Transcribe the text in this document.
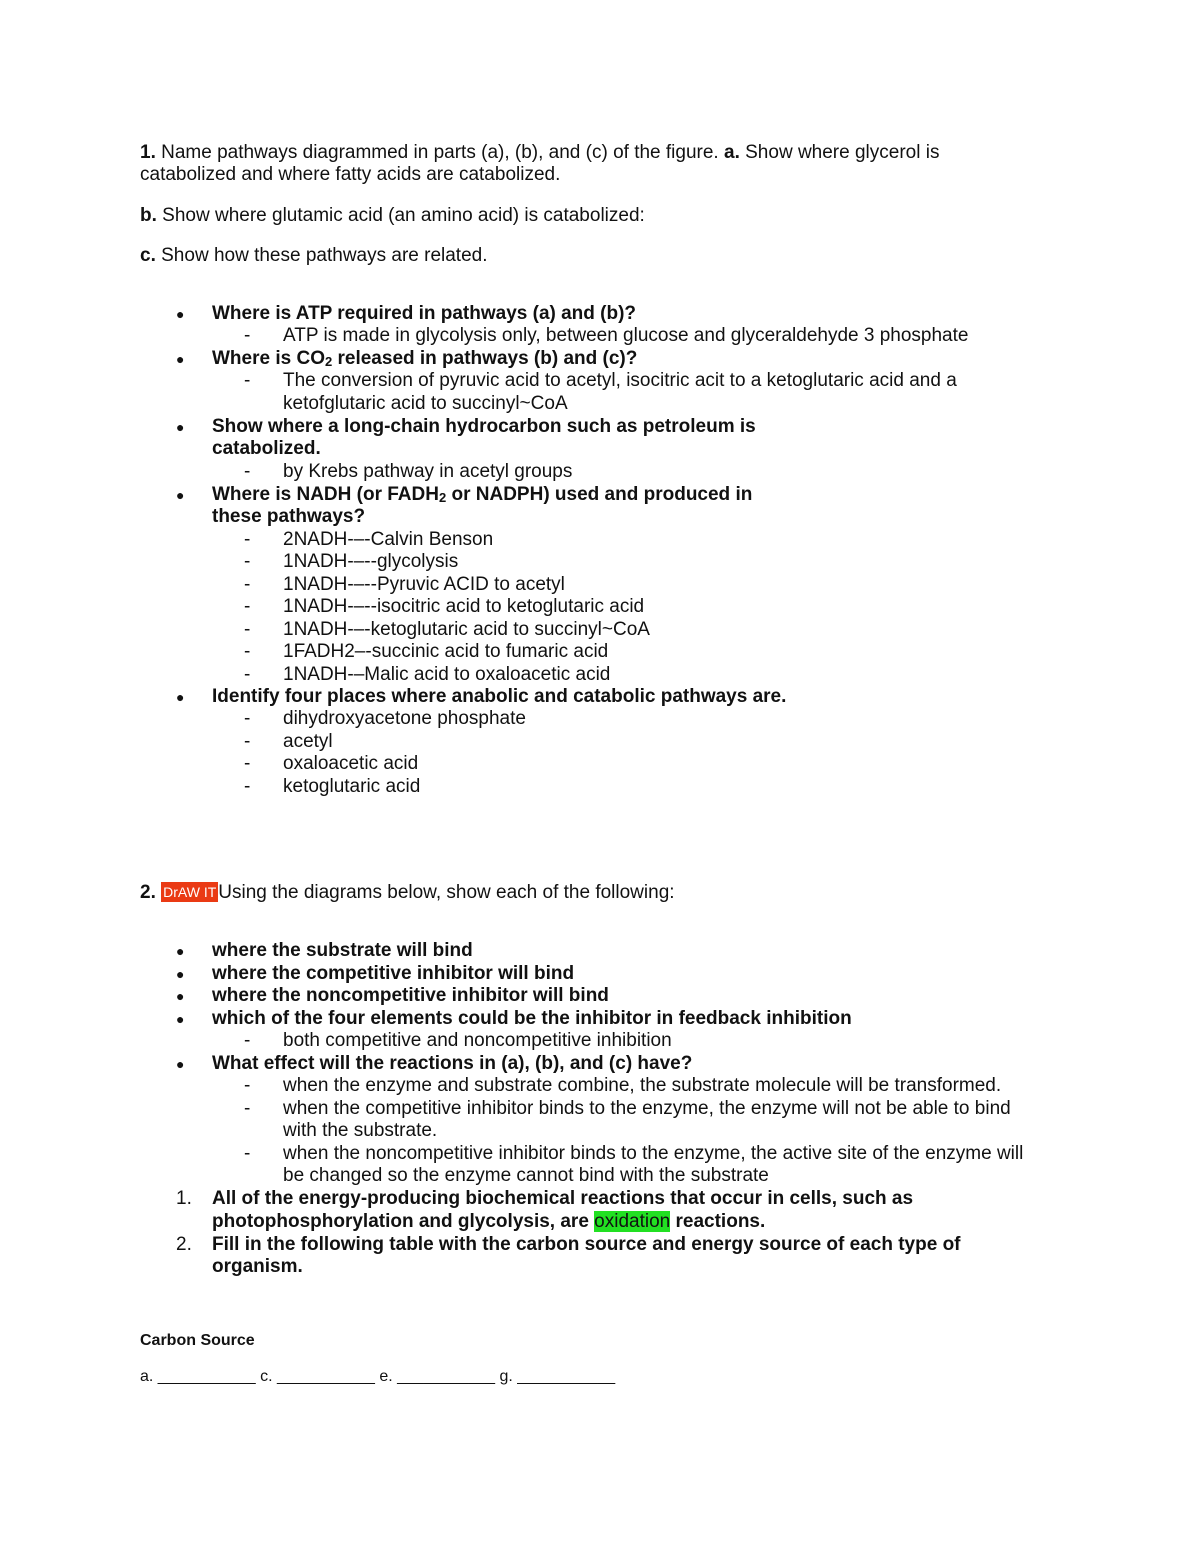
1. Name pathways diagrammed in parts (a), (b), and (c) of the figure. a. Show where glycerol is
catabolized and where fatty acids are catabolized.
b. Show where glutamic acid (an amino acid) is catabolized:
c. Show how these pathways are related.
● Where is ATP required in pathways (a) and (b)?
- ATP is made in glycolysis only, between glucose and glyceraldehyde 3 phosphate
● Where is CO2 released in pathways (b) and (c)?
- The conversion of pyruvic acid to acetyl, isocitric acit to a ketoglutaric acid and a
ketofglutaric acid to succinyl~CoA
● Show where a long-chain hydrocarbon such as petroleum is
catabolized.
- by Krebs pathway in acetyl groups
● Where is NADH (or FADH2 or NADPH) used and produced in
these pathways?
- 2NADH-–-Calvin Benson
- 1NADH-–--glycolysis
- 1NADH-–--Pyruvic ACID to acetyl
- 1NADH-–--isocitric acid to ketoglutaric acid
- 1NADH-–-ketoglutaric acid to succinyl~CoA
- 1FADH2–-succinic acid to fumaric acid
- 1NADH-–Malic acid to oxaloacetic acid
● Identify four places where anabolic and catabolic pathways are.
- dihydroxyacetone phosphate
- acetyl
- oxaloacetic acid
- ketoglutaric acid
2. DrAW IT Using the diagrams below, show each of the following:
● where the substrate will bind
● where the competitive inhibitor will bind
● where the noncompetitive inhibitor will bind
● which of the four elements could be the inhibitor in feedback inhibition
- both competitive and noncompetitive inhibition
● What effect will the reactions in (a), (b), and (c) have?
- when the enzyme and substrate combine, the substrate molecule will be transformed.
- when the competitive inhibitor binds to the enzyme, the enzyme will not be able to bind
with the substrate.
- when the noncompetitive inhibitor binds to the enzyme, the active site of the enzyme will
be changed so the enzyme cannot bind with the substrate
1. All of the energy-producing biochemical reactions that occur in cells, such as
photophosphorylation and glycolysis, are oxidation reactions.
2. Fill in the following table with the carbon source and energy source of each type of
organism.
Carbon Source
a. ___________ c. ___________ e. ___________ g. ___________
